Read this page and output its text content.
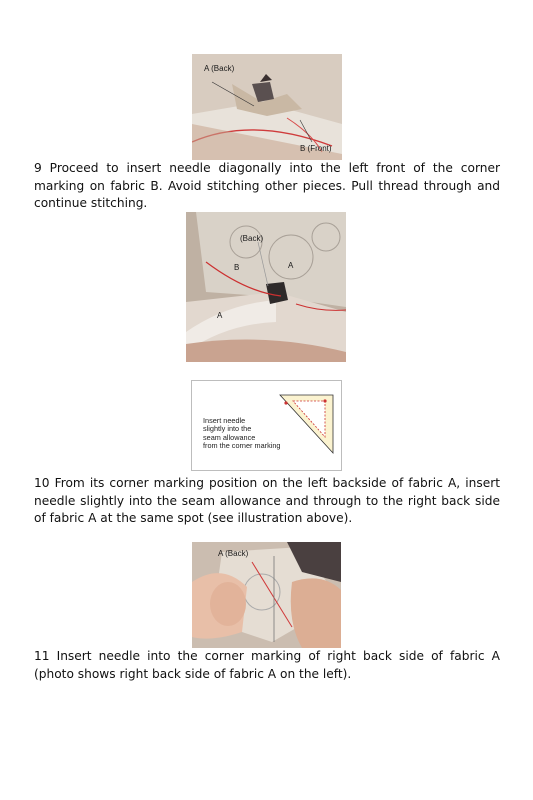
A (Back)
B (Front)

9 Proceed to insert needle diagonally into the left front of the corner marking on fabric B. Avoid stitching other pieces. Pull thread through and continue stitching.

(Back)
B	A
A
Insert needle
slightly into the
seam allowance
from the corner marking

10 From its corner marking position on the left backside of fabric A, insert needle slightly into the seam allowance and through to the right back side of fabric A at the same spot (see illustration above).

A (Back)

11 Insert needle into the corner marking of right back side of fabric A (photo shows right back side of fabric A on the left).
